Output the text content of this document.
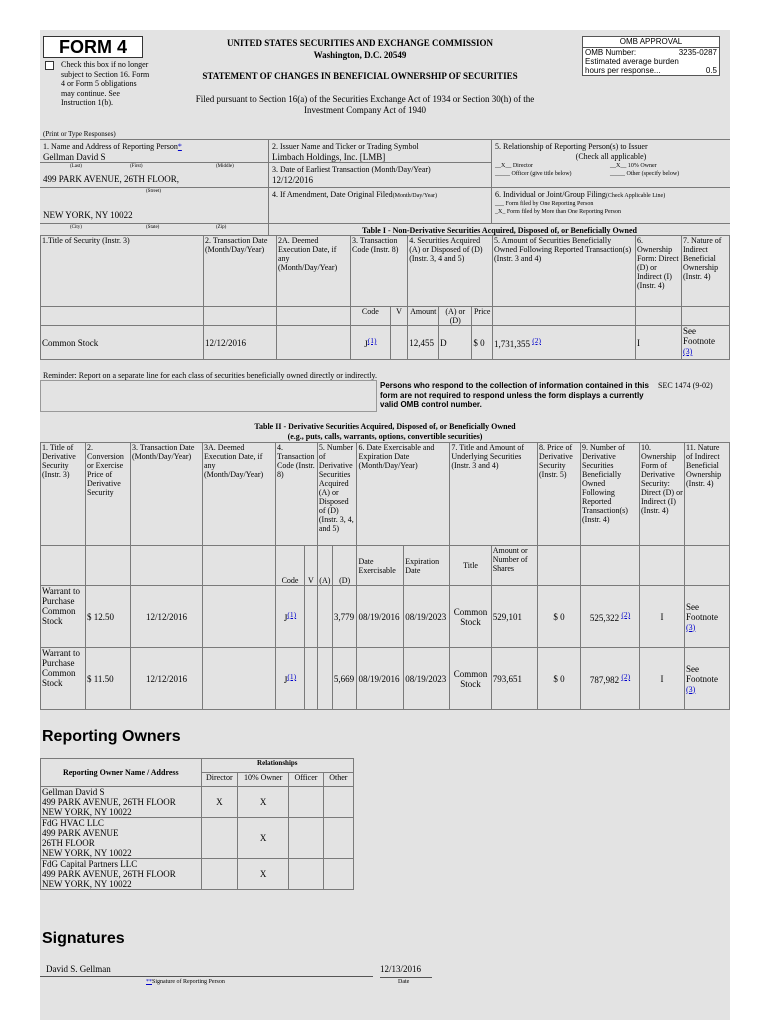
FORM 4
Check this box if no longer subject to Section 16. Form 4 or Form 5 obligations may continue. See Instruction 1(b).
UNITED STATES SECURITIES AND EXCHANGE COMMISSION
Washington, D.C. 20549
STATEMENT OF CHANGES IN BENEFICIAL OWNERSHIP OF SECURITIES
Filed pursuant to Section 16(a) of the Securities Exchange Act of 1934 or Section 30(h) of the
Investment Company Act of 1940
OMB APPROVAL
OMB Number:	3235-0287
Estimated average burden
hours per response...	0.5
(Print or Type Responses)
1. Name and Address of Reporting Person*
Gellman David S
(Last)	(First)	(Middle)
499 PARK AVENUE, 26TH FLOOR,
(Street)
NEW YORK, NY 10022
(City)	(State)	(Zip)
2. Issuer Name and Ticker or Trading Symbol
Limbach Holdings, Inc. [LMB]
3. Date of Earliest Transaction (Month/Day/Year)
12/12/2016
4. If Amendment, Date Original Filed(Month/Day/Year)
5. Relationship of Reporting Person(s) to Issuer
(Check all applicable)
__X__ Director	__X__ 10% Owner
_____ Officer (give title below)	_____ Other (specify below)
6. Individual or Joint/Group Filing(Check Applicable Line)
___ Form filed by One Reporting Person
_X_ Form filed by More than One Reporting Person
Table I - Non-Derivative Securities Acquired, Disposed of, or Beneficially Owned
1.Title of Security (Instr. 3)	2. Transaction Date (Month/Day/Year)	2A. Deemed Execution Date, if any (Month/Day/Year)	3. Transaction Code (Instr. 8)		4. Securities Acquired (A) or Disposed of (D) (Instr. 3, 4 and 5)			5. Amount of Securities Beneficially Owned Following Reported Transaction(s) (Instr. 3 and 4)	6. Ownership Form: Direct (D) or Indirect (I) (Instr. 4)	7. Nature of Indirect Beneficial Ownership (Instr. 4)
			Code	V	Amount	(A) or (D)	Price			
Common Stock	12/12/2016		$J^{(1)}$		12,455	D	$ 0	1,731,355 $^{(2)}$	I	See Footnote
(3)
Reminder: Report on a separate line for each class of securities beneficially owned directly or indirectly.
Persons who respond to the collection of information contained in this form are not required to respond unless the form displays a currently valid OMB control number.
SEC 1474 (9-02)
Table II - Derivative Securities Acquired, Disposed of, or Beneficially Owned
(e.g., puts, calls, warrants, options, convertible securities)
1. Title of Derivative Security (Instr. 3)	2. Conversion or Exercise Price of Derivative Security	3. Transaction Date (Month/Day/Year)	3A. Deemed Execution Date, if any (Month/Day/Year)	4. Transaction Code (Instr. 8)		5. Number of Derivative Securities Acquired (A) or Disposed of (D) (Instr. 3, 4, and 5)		6. Date Exercisable and Expiration Date (Month/Day/Year)		7. Title and Amount of Underlying Securities (Instr. 3 and 4)		8. Price of Derivative Security (Instr. 5)	9. Number of Derivative Securities Beneficially Owned Following Reported Transaction(s) (Instr. 4)	10. Ownership Form of Derivative Security: Direct (D) or Indirect (I) (Instr. 4)	11. Nature of Indirect Beneficial Ownership (Instr. 4)
				Code	V	(A)	(D)	Date Exercisable	Expiration Date	Title	Amount or Number of Shares				
Warrant to Purchase Common Stock	$ 12.50	12/12/2016		$J^{(1)}$			3,779	08/19/2016	08/19/2023	Common Stock	529,101	$ 0	525,322 $^{(2)}$	I	See Footnote
(3)
Warrant to Purchase Common Stock	$ 11.50	12/12/2016		$J^{(1)}$			5,669	08/19/2016	08/19/2023	Common Stock	793,651	$ 0	787,982 $^{(2)}$	I	See Footnote
(3)
Reporting Owners
Reporting Owner Name / Address	Relationships			
	Director	10% Owner	Officer	Other
Gellman David S
499 PARK AVENUE, 26TH FLOOR
NEW YORK, NY 10022	X	X		
FdG HVAC LLC
499 PARK AVENUE
26TH FLOOR
NEW YORK, NY 10022		X		
FdG Capital Partners LLC
499 PARK AVENUE, 26TH FLOOR
NEW YORK, NY 10022		X		
Signatures
David S. Gellman	12/13/2016
**Signature of Reporting Person	Date
